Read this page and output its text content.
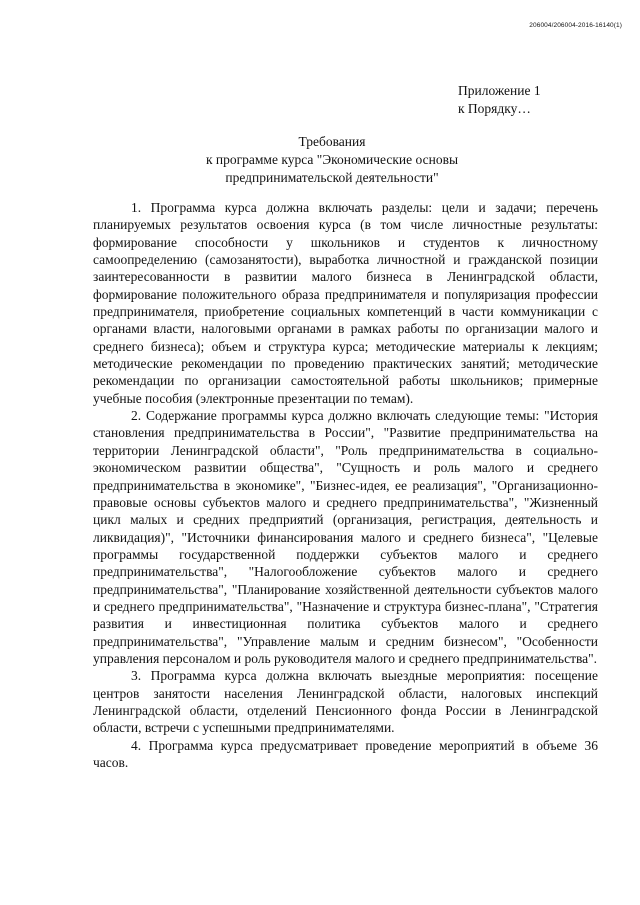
206004/206004-2016-16140(1)
Приложение 1
к Порядку…
Требования
к программе курса "Экономические основы
предпринимательской деятельности"

1. Программа курса должна включать разделы: цели и задачи; перечень планируемых результатов освоения курса (в том числе личностные результаты: формирование способности у школьников и студентов к личностному самоопределению (самозанятости), выработка личностной и гражданской позиции заинтересованности в развитии малого бизнеса в Ленинградской области, формирование положительного образа предпринимателя и популяризация профессии предпринимателя, приобретение социальных компетенций в части коммуникации с органами власти, налоговыми органами в рамках работы по организации малого и среднего бизнеса); объем и структура курса; методические материалы к лекциям; методические рекомендации по проведению практических занятий; методические рекомендации по организации самостоятельной работы школьников; примерные учебные пособия (электронные презентации по темам).

2. Содержание программы курса должно включать следующие темы: "История становления предпринимательства в России", "Развитие предпринимательства на территории Ленинградской области", "Роль предпринимательства в социально-экономическом развитии общества", "Сущность и роль малого и среднего предпринимательства в экономике", "Бизнес-идея, ее реализация", "Организационно-правовые основы субъектов малого и среднего предпринимательства", "Жизненный цикл малых и средних предприятий (организация, регистрация, деятельность и ликвидация)", "Источники финансирования малого и среднего бизнеса", "Целевые программы государственной поддержки субъектов малого и среднего предпринимательства", "Налогообложение субъектов малого и среднего предпринимательства", "Планирование хозяйственной деятельности субъектов малого и среднего предпринимательства", "Назначение и структура бизнес-плана", "Стратегия развития и инвестиционная политика субъектов малого и среднего предпринимательства", "Управление малым и средним бизнесом", "Особенности управления персоналом и роль руководителя малого и среднего предпринимательства".

3. Программа курса должна включать выездные мероприятия: посещение центров занятости населения Ленинградской области, налоговых инспекций Ленинградской области, отделений Пенсионного фонда России в Ленинградской области, встречи с успешными предпринимателями.

4. Программа курса предусматривает проведение мероприятий в объеме 36 часов.
